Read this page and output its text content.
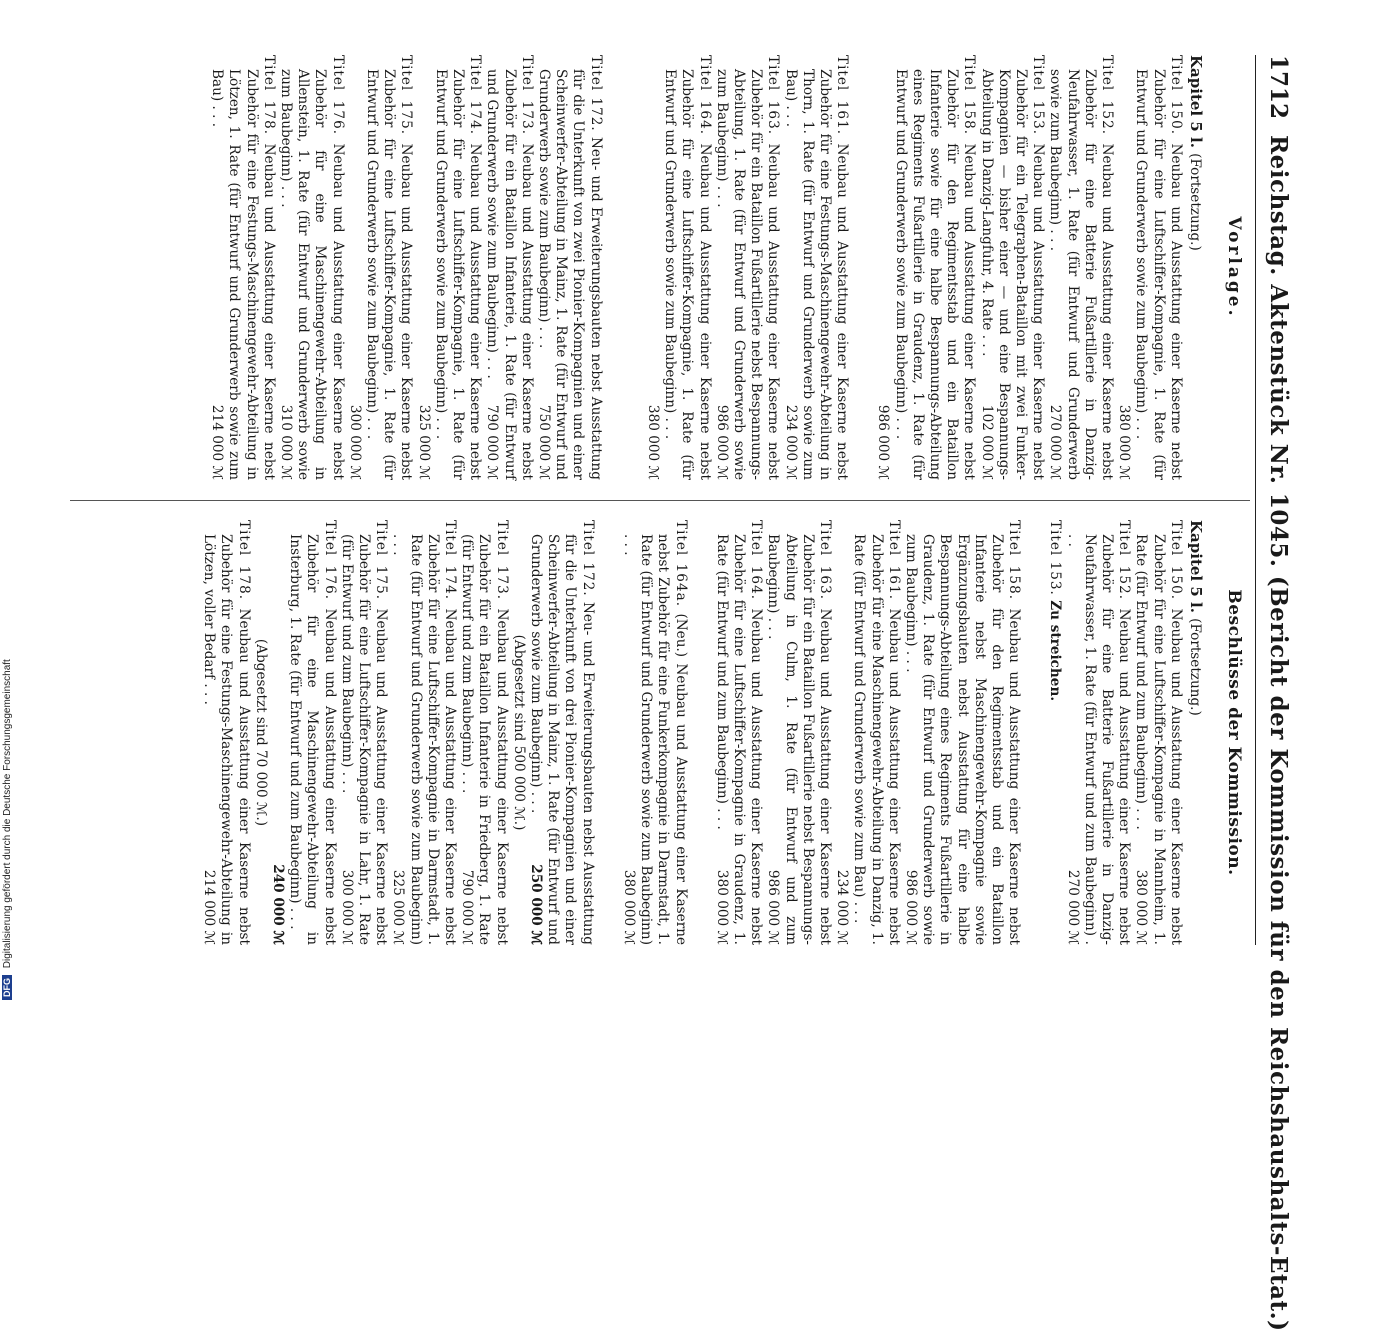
1712
Reichstag. Aktenstück Nr. 1045. (Bericht der Kommission für den Reichshaushalts-Etat.)
Vorlage.
Beschlüsse der Kommission.
Kapitel 5 l. (Fortsetzung.)
Titel 150. Neubau und Ausstattung einer Kaserne nebst Zubehör für eine Luftschiffer-Kompagnie, 1. Rate (für Entwurf und Grunderwerb sowie zum Baubeginn) . . .
380 000 ℳ
Titel 152. Neubau und Ausstattung einer Kaserne nebst Zubehör für eine Batterie Fußartillerie in Danzig-Neufahrwasser, 1. Rate (für Entwurf und Grunderwerb sowie zum Baubeginn) . . .
270 000 ℳ
Titel 153. Neubau und Ausstattung einer Kaserne nebst Zubehör für ein Telegraphen-Bataillon mit zwei Funker-Kompagnien — bisher einer — und eine Bespannungs-Abteilung in Danzig-Langfuhr, 4. Rate . . .
102 000 ℳ
Titel 158. Neubau und Ausstattung einer Kaserne nebst Zubehör für den Regimentsstab und ein Bataillon Infanterie sowie für eine halbe Bespannungs-Abteilung eines Regiments Fußartillerie in Graudenz, 1. Rate (für Entwurf und Grunderwerb sowie zum Baubeginn) . . .
986 000 ℳ
Titel 161. Neubau und Ausstattung einer Kaserne nebst Zubehör für eine Festungs-Maschinengewehr-Abteilung in Thorn, 1. Rate (für Entwurf und Grunderwerb sowie zum Bau) . . .
234 000 ℳ
Titel 163. Neubau und Ausstattung einer Kaserne nebst Zubehör für ein Bataillon Fußartillerie nebst Bespannungs-Abteilung, 1. Rate (für Entwurf und Grunderwerb sowie zum Baubeginn) . . .
986 000 ℳ
Titel 164. Neubau und Ausstattung einer Kaserne nebst Zubehör für eine Luftschiffer-Kompagnie, 1. Rate (für Entwurf und Grunderwerb sowie zum Baubeginn) . . .
380 000 ℳ
Titel 172. Neu- und Erweiterungsbauten nebst Ausstattung für die Unterkunft von zwei Pionier-Kompagnien und einer Scheinwerfer-Abteilung in Mainz, 1. Rate (für Entwurf und Grunderwerb sowie zum Baubeginn) . . .
750 000 ℳ
Titel 173. Neubau und Ausstattung einer Kaserne nebst Zubehör für ein Bataillon Infanterie, 1. Rate (für Entwurf und Grunderwerb sowie zum Baubeginn) . . .
790 000 ℳ
Titel 174. Neubau und Ausstattung einer Kaserne nebst Zubehör für eine Luftschiffer-Kompagnie, 1. Rate (für Entwurf und Grunderwerb sowie zum Baubeginn) . . .
325 000 ℳ
Titel 175. Neubau und Ausstattung einer Kaserne nebst Zubehör für eine Luftschiffer-Kompagnie, 1. Rate (für Entwurf und Grunderwerb sowie zum Baubeginn) . . .
300 000 ℳ
Titel 176. Neubau und Ausstattung einer Kaserne nebst Zubehör für eine Maschinengewehr-Abteilung in Allenstein, 1. Rate (für Entwurf und Grunderwerb sowie zum Baubeginn) . . .
310 000 ℳ
Titel 178. Neubau und Ausstattung einer Kaserne nebst Zubehör für eine Festungs-Maschinengewehr-Abteilung in Lötzen, 1. Rate (für Entwurf und Grunderwerb sowie zum Bau) . . .
214 000 ℳ
Kapitel 5 l. (Fortsetzung.)
Titel 150. Neubau und Ausstattung einer Kaserne nebst Zubehör für eine Luftschiffer-Kompagnie in Mannheim, 1. Rate (für Entwurf und zum Baubeginn) . . .
380 000 ℳ
Titel 152. Neubau und Ausstattung einer Kaserne nebst Zubehör für eine Batterie Fußartillerie in Danzig-Neufahrwasser, 1. Rate (für Entwurf und zum Baubeginn) . . .
270 000 ℳ
Titel 153. Zu streichen.
Titel 158. Neubau und Ausstattung einer Kaserne nebst Zubehör für den Regimentsstab und ein Bataillon Infanterie nebst Maschinengewehr-Kompagnie sowie Ergänzungsbauten nebst Ausstattung für eine halbe Bespannungs-Abteilung eines Regiments Fußartillerie in Graudenz, 1. Rate (für Entwurf und Grunderwerb sowie zum Baubeginn) . . .
986 000 ℳ
Titel 161. Neubau und Ausstattung einer Kaserne nebst Zubehör für eine Maschinengewehr-Abteilung in Danzig, 1. Rate (für Entwurf und Grunderwerb sowie zum Bau) . . .
234 000 ℳ
Titel 163. Neubau und Ausstattung einer Kaserne nebst Zubehör für ein Bataillon Fußartillerie nebst Bespannungs-Abteilung in Culm, 1. Rate (für Entwurf und zum Baubeginn) . . .
986 000 ℳ
Titel 164. Neubau und Ausstattung einer Kaserne nebst Zubehör für eine Luftschiffer-Kompagnie in Graudenz, 1. Rate (für Entwurf und zum Baubeginn) . . .
380 000 ℳ
Titel 164a. (Neu.) Neubau und Ausstattung einer Kaserne nebst Zubehör für eine Funkerkompagnie in Darmstadt, 1. Rate (für Entwurf und Grunderwerb sowie zum Baubeginn) . . .
380 000 ℳ
Titel 172. Neu- und Erweiterungsbauten nebst Ausstattung für die Unterkunft von drei Pionier-Kompagnien und einer Scheinwerfer-Abteilung in Mainz, 1. Rate (für Entwurf und Grunderwerb sowie zum Baubeginn) . . .
250 000 ℳ
(Abgesetzt sind 500 000 ℳ.)
Titel 173. Neubau und Ausstattung einer Kaserne nebst Zubehör für ein Bataillon Infanterie in Friedberg, 1. Rate (für Entwurf und zum Baubeginn) . . .
790 000 ℳ
Titel 174. Neubau und Ausstattung einer Kaserne nebst Zubehör für eine Luftschiffer-Kompagnie in Darmstadt, 1. Rate (für Entwurf und Grunderwerb sowie zum Baubeginn) . . .
325 000 ℳ
Titel 175. Neubau und Ausstattung einer Kaserne nebst Zubehör für eine Luftschiffer-Kompagnie in Lahr, 1. Rate (für Entwurf und zum Baubeginn) . . .
300 000 ℳ
Titel 176. Neubau und Ausstattung einer Kaserne nebst Zubehör für eine Maschinengewehr-Abteilung in Insterburg, 1. Rate (für Entwurf und zum Baubeginn) . . .
240 000 ℳ
(Abgesetzt sind 70 000 ℳ.)
Titel 178. Neubau und Ausstattung einer Kaserne nebst Zubehör für eine Festungs-Maschinengewehr-Abteilung in Lötzen, voller Bedarf . . .
214 000 ℳ
DFG Digitalisierung gefördert durch die Deutsche Forschungsgemeinschaft
